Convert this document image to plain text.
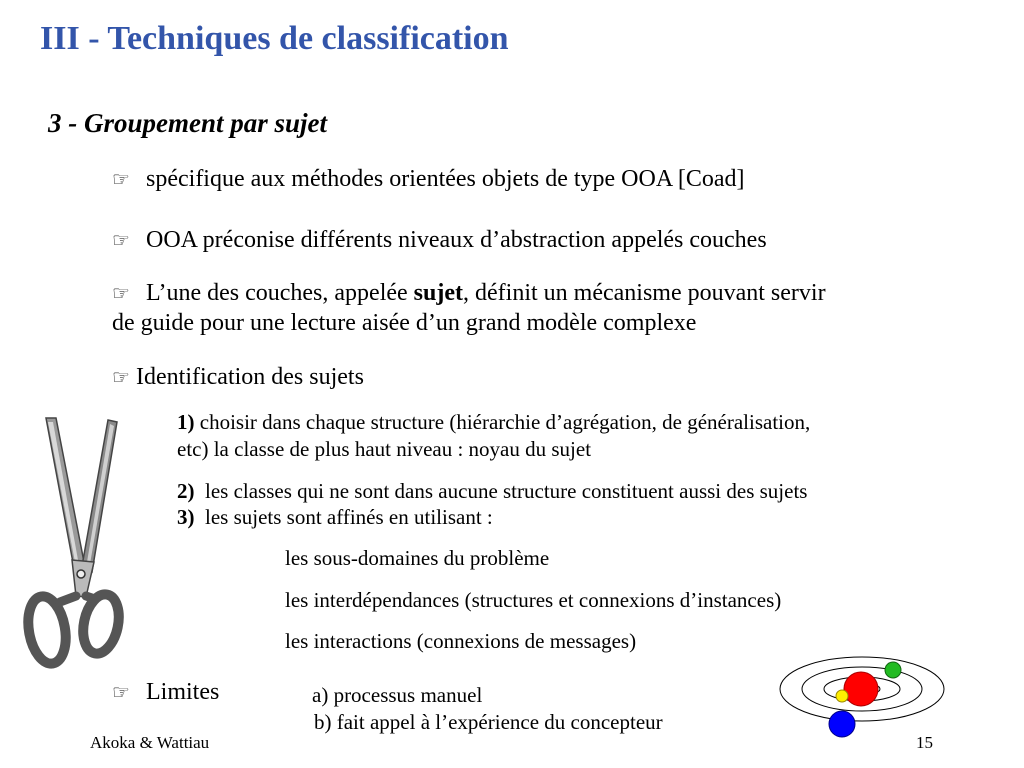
III - Techniques de classification
3 - Groupement par sujet
☞ spécifique aux méthodes orientées objets de type OOA [Coad]
☞ OOA préconise différents niveaux d’abstraction appelés couches
☞ L’une des couches, appelée sujet, définit un mécanisme pouvant servir
de guide pour une lecture aisée d’un grand modèle complexe
☞ Identification des sujets
1) choisir dans chaque structure (hiérarchie d’agrégation, de généralisation,
etc) la classe de plus haut niveau : noyau du sujet
2) les classes qui ne sont dans aucune structure constituent aussi des sujets
3) les sujets sont affinés en utilisant :
les sous-domaines du problème
les interdépendances (structures et connexions d’instances)
les interactions (connexions de messages)
☞ Limites	a) processus manuel
b) fait appel à l’expérience du concepteur
Akoka & Wattiau	15
